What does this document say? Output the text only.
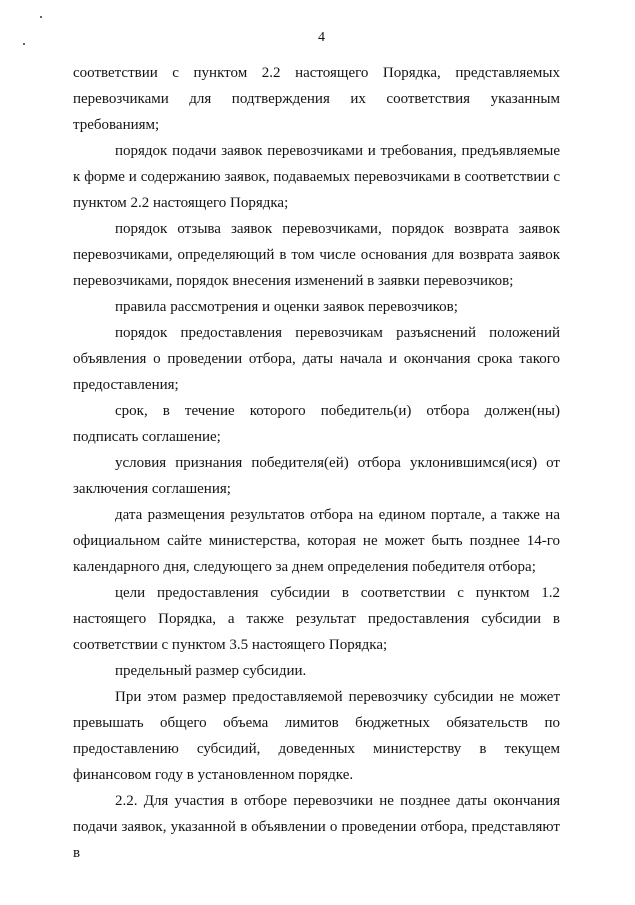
4

соответствии с пунктом 2.2 настоящего Порядка, представляемых перевозчиками для подтверждения их соответствия указанным требованиям;

порядок подачи заявок перевозчиками и требования, предъявляемые к форме и содержанию заявок, подаваемых перевозчиками в соответствии с пунктом 2.2 настоящего Порядка;

порядок отзыва заявок перевозчиками, порядок возврата заявок перевозчиками, определяющий в том числе основания для возврата заявок перевозчиками, порядок внесения изменений в заявки перевозчиков;

правила рассмотрения и оценки заявок перевозчиков;

порядок предоставления перевозчикам разъяснений положений объявления о проведении отбора, даты начала и окончания срока такого предоставления;

срок, в течение которого победитель(и) отбора должен(ны) подписать соглашение;

условия признания победителя(ей) отбора уклонившимся(ися) от заключения соглашения;

дата размещения результатов отбора на едином портале, а также на официальном сайте министерства, которая не может быть позднее 14-го календарного дня, следующего за днем определения победителя отбора;

цели предоставления субсидии в соответствии с пунктом 1.2 настоящего Порядка, а также результат предоставления субсидии в соответствии с пунктом 3.5 настоящего Порядка;

предельный размер субсидии.

При этом размер предоставляемой перевозчику субсидии не может превышать общего объема лимитов бюджетных обязательств по предоставлению субсидий, доведенных министерству в текущем финансовом году в установленном порядке.

2.2. Для участия в отборе перевозчики не позднее даты окончания подачи заявок, указанной в объявлении о проведении отбора, представляют в
